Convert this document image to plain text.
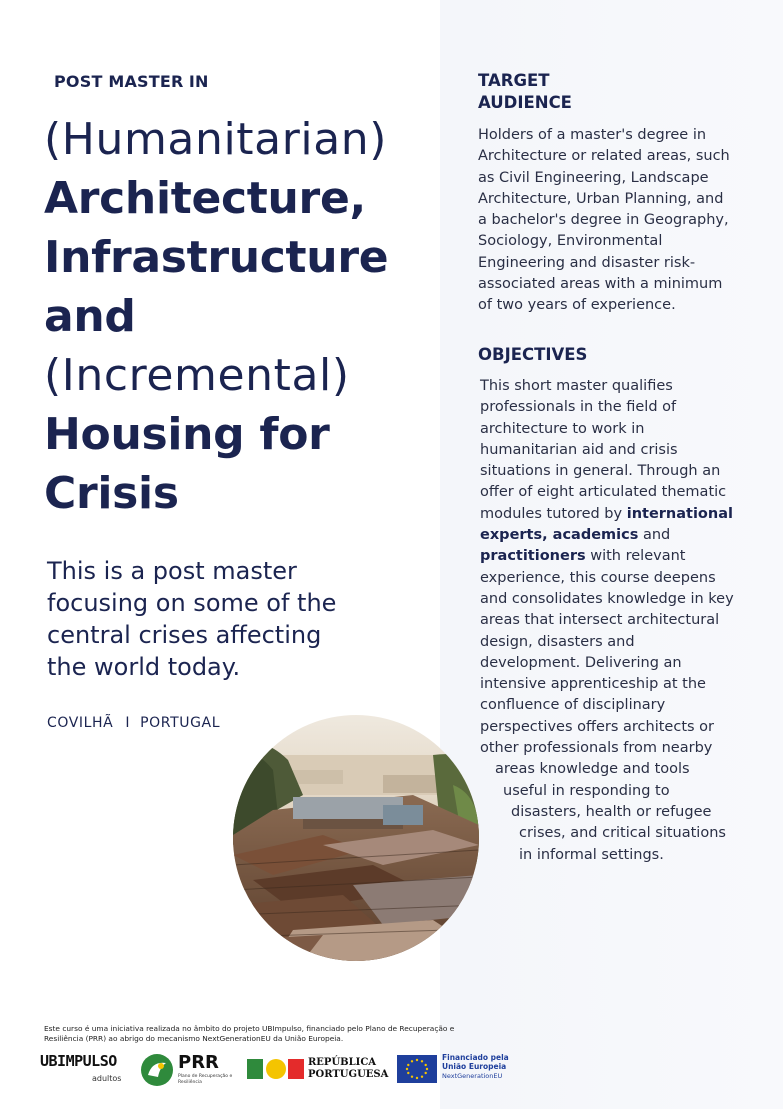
POST MASTER IN
(Humanitarian)
Architecture,
Infrastructure
and
(Incremental)
Housing for
Crisis
This is a post master
focusing on some of the
central crises affecting
the world today.
COVILHÃ I PORTUGAL
TARGET
AUDIENCE
Holders of a master's degree in
Architecture or related areas, such
as Civil Engineering, Landscape
Architecture, Urban Planning, and
a bachelor's degree in Geography,
Sociology, Environmental
Engineering and disaster risk-
associated areas with a minimum
of two years of experience.
OBJECTIVES
This short master qualifies
professionals in the field of
architecture to work in
humanitarian aid and crisis
situations in general. Through an
offer of eight articulated thematic
modules tutored by international
experts, academics and
practitioners with relevant
experience, this course deepens
and consolidates knowledge in key
areas that intersect architectural
design, disasters and
development. Delivering an
intensive apprenticeship at the
confluence of disciplinary
perspectives offers architects or
other professionals from nearby
areas knowledge and tools
useful in responding to
disasters, health or refugee
crises, and critical situations
in informal settings.
Este curso é uma iniciativa realizada no âmbito do projeto UBImpulso, financiado pelo Plano de Recuperação e Resiliência (PRR) ao abrigo do mecanismo NextGenerationEU da União Europeia.
UBIMPULSO
adultos
PRR
Plano de Recuperação e Resiliência
REPÚBLICA
PORTUGUESA
Financiado pela
União Europeia
NextGenerationEU
